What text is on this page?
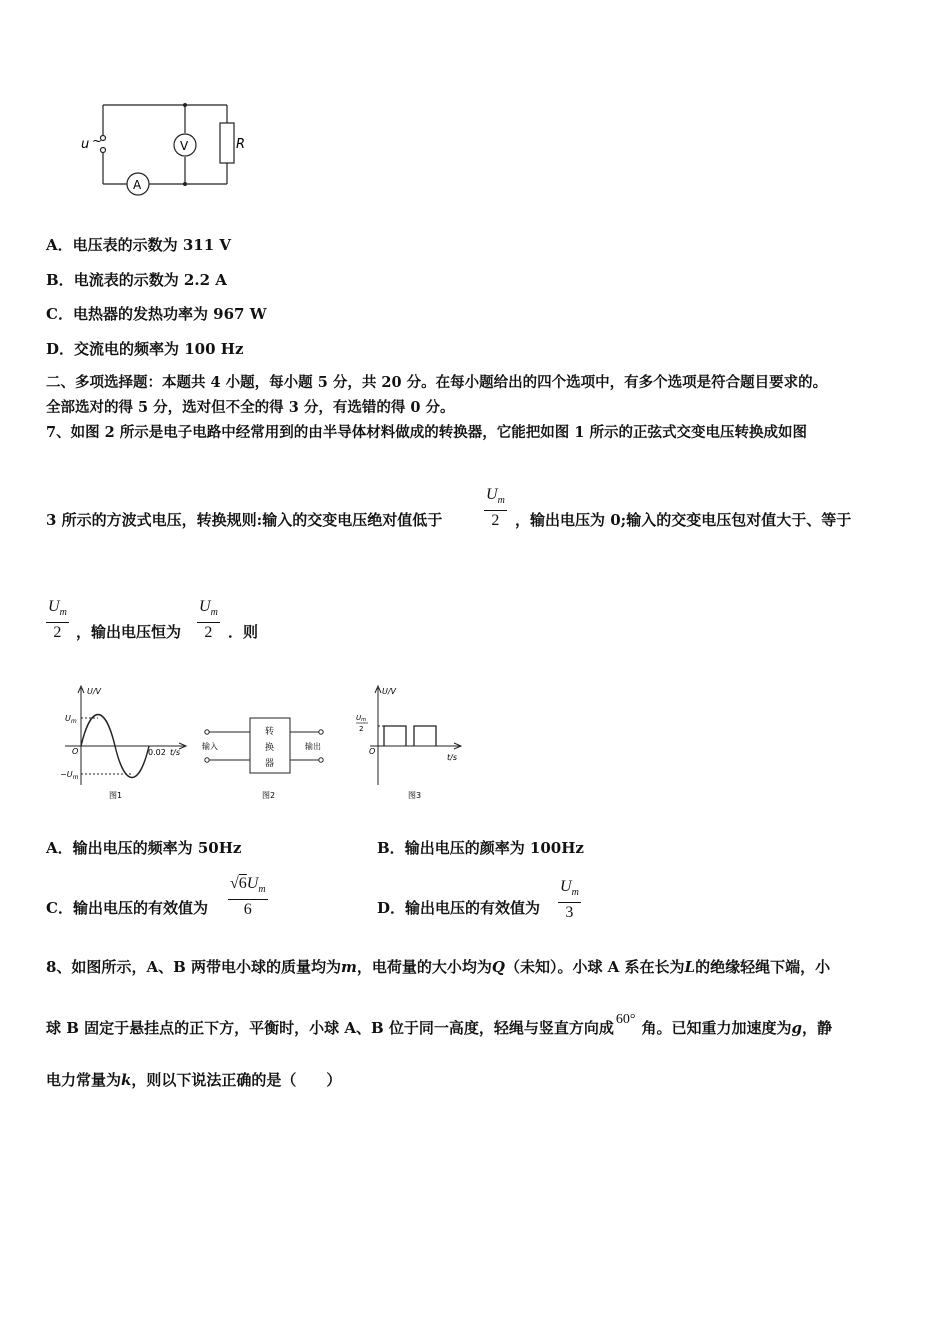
u ~	V
A
R
A．电压表的示数为 311 V
B．电流表的示数为 2.2 A
C．电热器的发热功率为 967 W
D．交流电的频率为 100 Hz
二、多项选择题：本题共 4 小题，每小题 5 分，共 20 分。在每小题给出的四个选项中，有多个选项是符合题目要求的。
全部选对的得 5 分，选对但不全的得 3 分，有选错的得 0 分。
7、如图 2 所示是电子电路中经常用到的由半导体材料做成的转换器，它能把如图 1 所示的正弦式交变电压转换成如图
3 所示的方波式电压，转换规则:输入的交变电压绝对值低于	$\frac{U_m}{2}$ ，输出电压为 0;输入的交变电压包对值大于、等于
$\frac{U_m}{2}$ ，输出电压恒为 $\frac{U_m}{2}$ ．则
U/V
$U_m$
$-U_m$
O	0.02 t/s
图1
转
换
器
输入	输出
图2
U/V
Um
2
O
t/s
图3
A．输出电压的频率为 50Hz	B．输出电压的颜率为 100Hz
C．输出电压的有效值为 $\frac{√6U_m}{6}$	D．输出电压的有效值为 $\frac{U_m}{3}$
8、如图所示，A、B 两带电小球的质量均为m，电荷量的大小均为Q（未知）。小球 A 系在长为L的绝缘轻绳下端，小
球 B 固定于悬挂点的正下方，平衡时，小球 A、B 位于同一高度，轻绳与竖直方向成 60° 角。已知重力加速度为g，静
电力常量为k，则以下说法正确的是（　　）
